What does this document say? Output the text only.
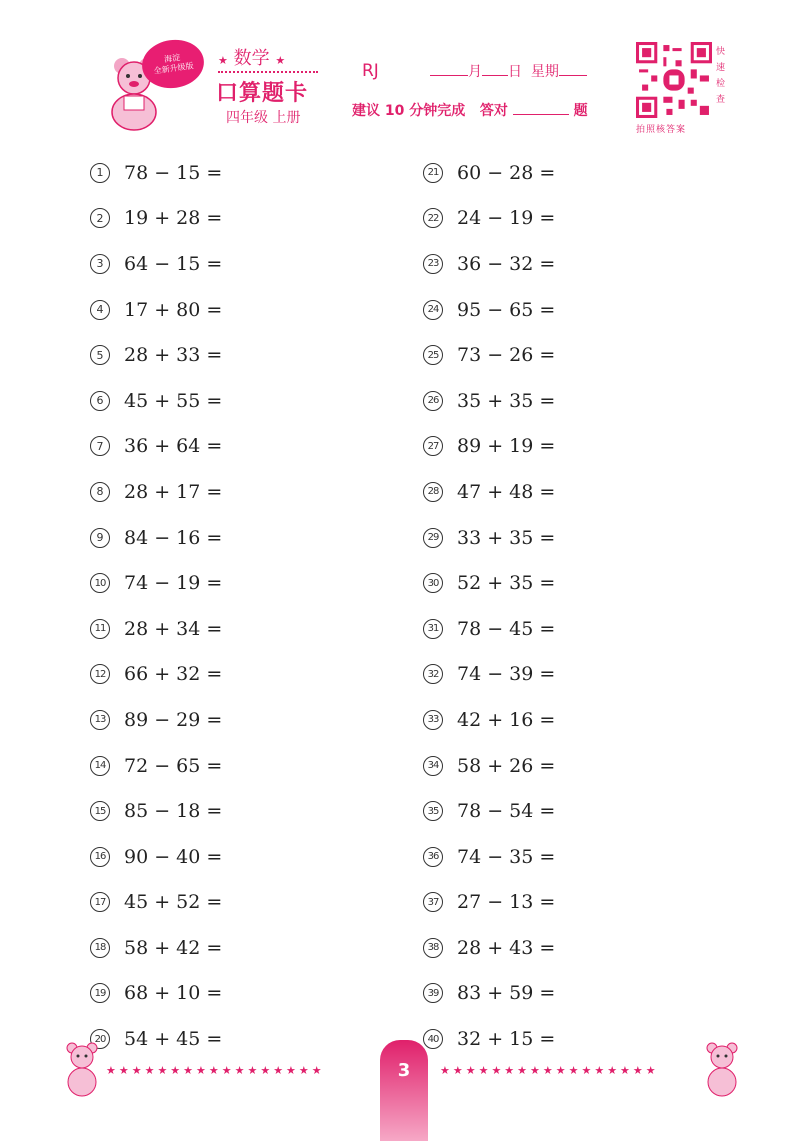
海淀
全新升级版
★ 数学 ★
口算题卡
四年级 上册
RJ	月 日 星期
建议 10 分钟完成 答对	题
快速检查
拍照核答案
1	78 − 15 =
2	19 + 28 =
3	64 − 15 =
4	17 + 80 =
5	28 + 33 =
6	45 + 55 =
7	36 + 64 =
8	28 + 17 =
9	84 − 16 =
10 74 − 19 =
11 28 + 34 =
12 66 + 32 =
13 89 − 29 =
14 72 − 65 =
15 85 − 18 =
16 90 − 40 =
17 45 + 52 =
18 58 + 42 =
19 68 + 10 =
20 54 + 45 =
21 60 − 28 =
22 24 − 19 =
23 36 − 32 =
24 95 − 65 =
25 73 − 26 =
26 35 + 35 =
27 89 + 19 =
28 47 + 48 =
29 33 + 35 =
30 52 + 35 =
31 78 − 45 =
32 74 − 39 =
33 42 + 16 =
34 58 + 26 =
35 78 − 54 =
36 74 − 35 =
37 27 − 13 =
38 28 + 43 =
39 83 + 59 =
40 32 + 15 =
★★★★★★★★★★★★★★★★★	3	★★★★★★★★★★★★★★★★★
